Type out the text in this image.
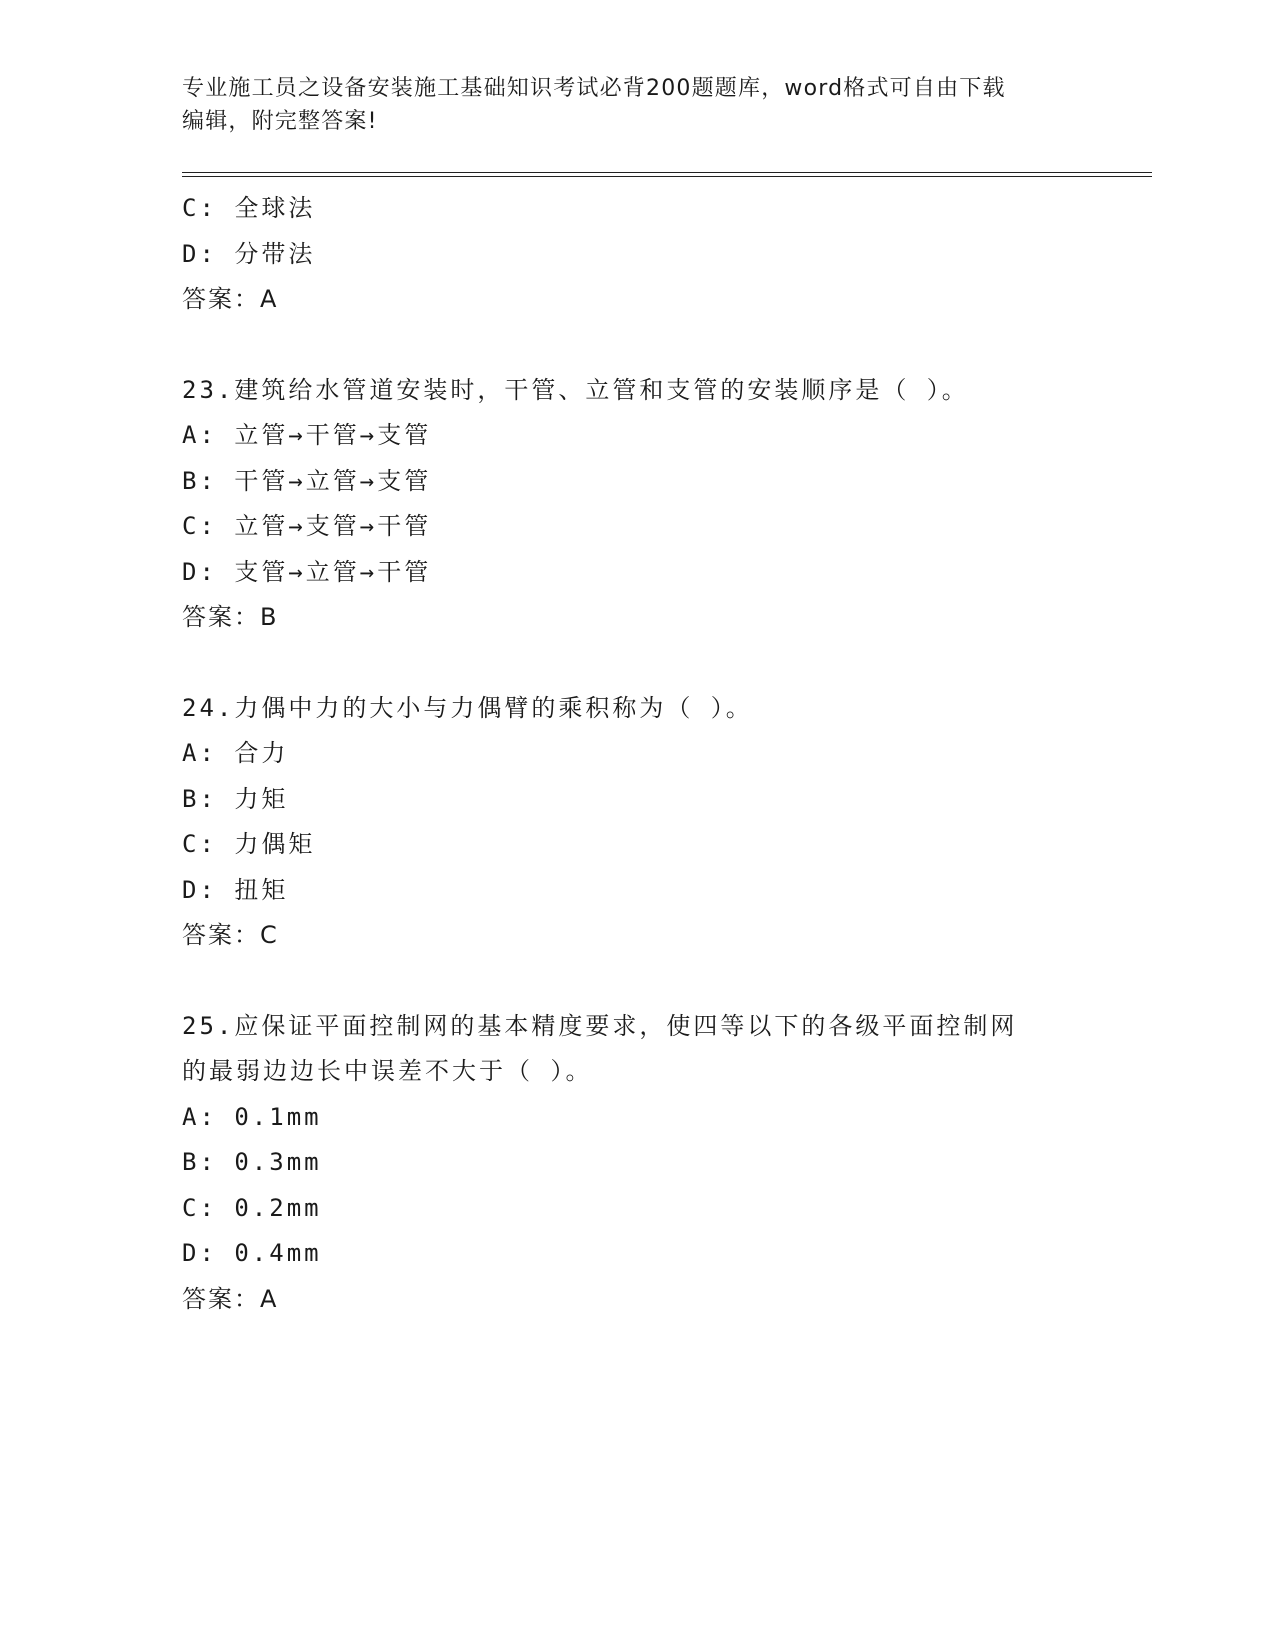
专业施工员之设备安装施工基础知识考试必背200题题库，word格式可自由下载
编辑，附完整答案!
C: 全球法
D: 分带法
答案：A
23.建筑给水管道安装时，干管、立管和支管的安装顺序是（ ）。
A: 立管→干管→支管
B: 干管→立管→支管
C: 立管→支管→干管
D: 支管→立管→干管
答案：B
24.力偶中力的大小与力偶臂的乘积称为（ ）。
A: 合力
B: 力矩
C: 力偶矩
D: 扭矩
答案：C
25.应保证平面控制网的基本精度要求，使四等以下的各级平面控制网
的最弱边边长中误差不大于（ ）。
A: 0.1mm
B: 0.3mm
C: 0.2mm
D: 0.4mm
答案：A
